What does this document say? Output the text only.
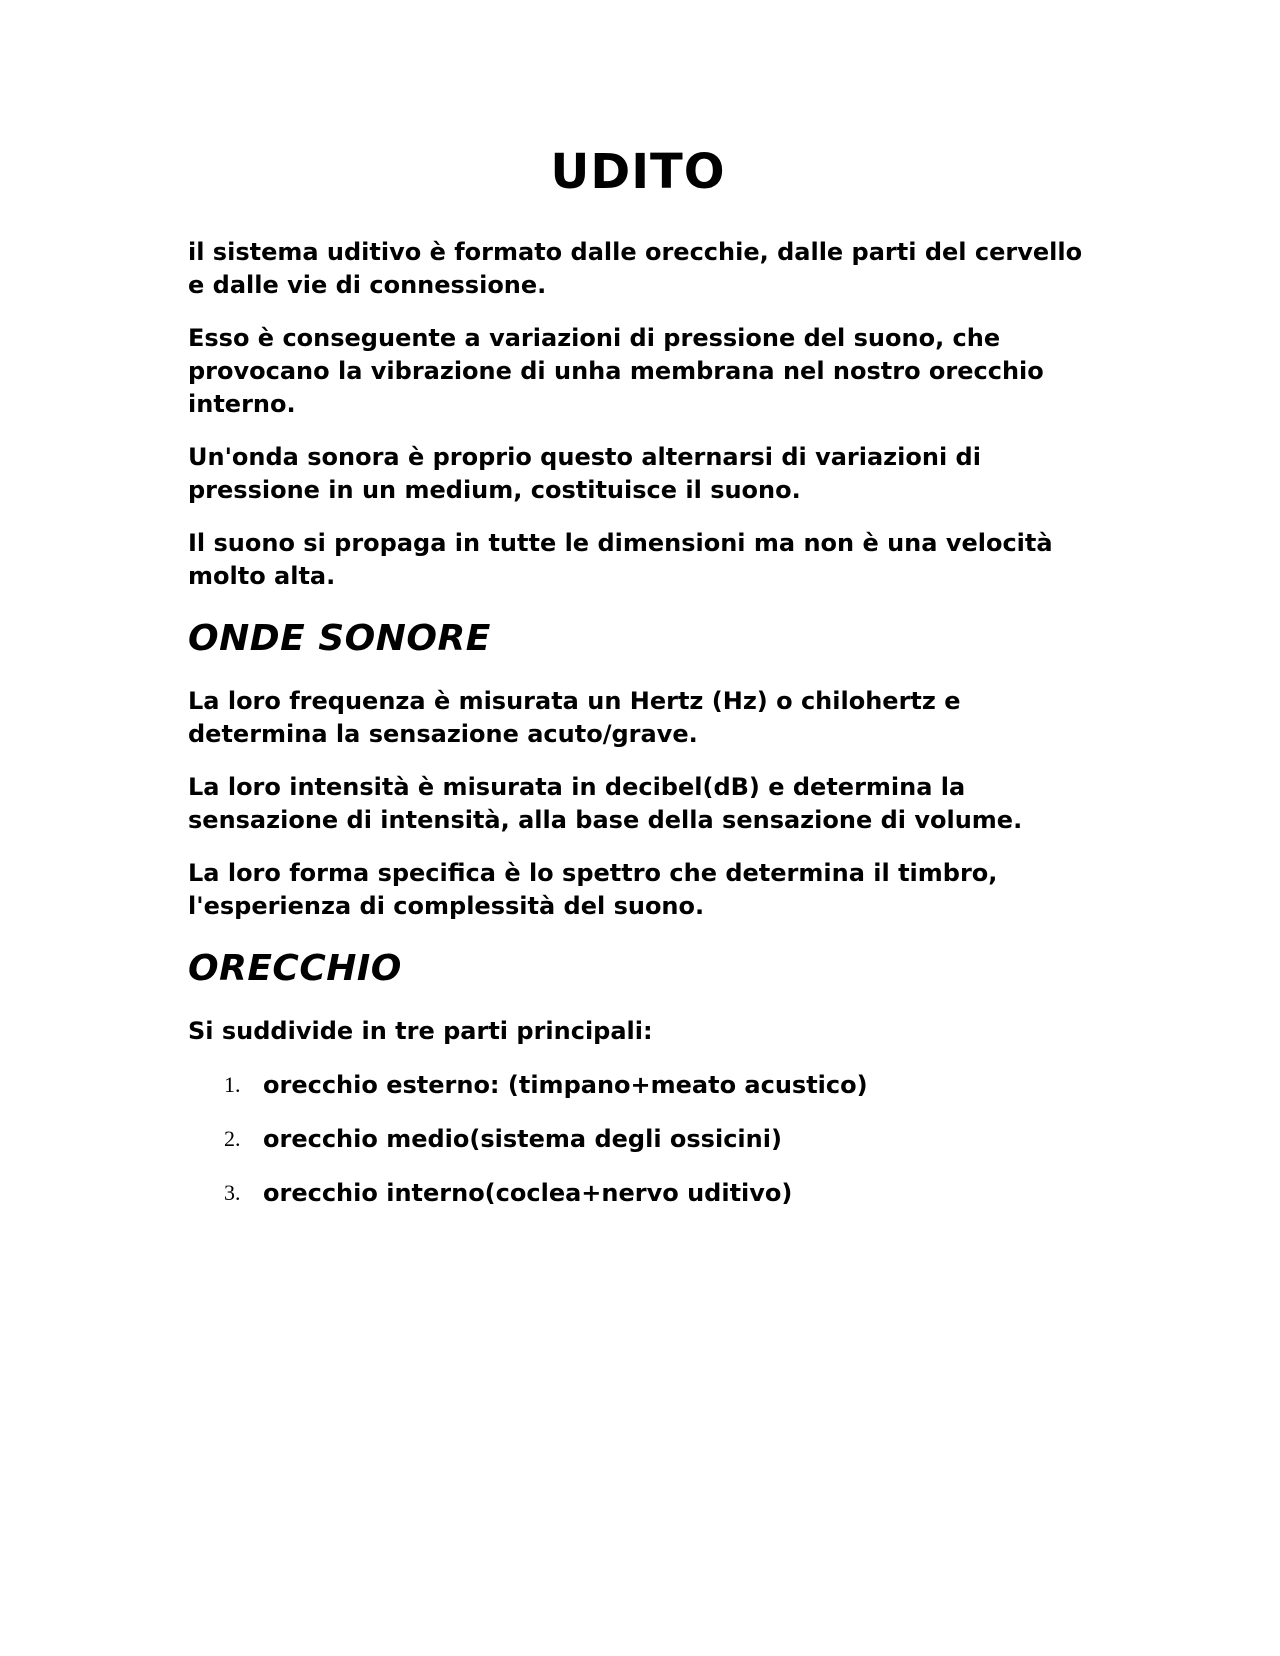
UDITO

il sistema uditivo è formato dalle orecchie, dalle parti del cervello e dalle vie di connessione.

Esso è conseguente a variazioni di pressione del suono, che provocano la vibrazione di unha membrana nel nostro orecchio interno.

Un'onda sonora è proprio questo alternarsi di variazioni di pressione in un medium, costituisce il suono.

Il suono si propaga in tutte le dimensioni ma non è una velocità molto alta.

ONDE SONORE

La loro frequenza è misurata un Hertz (Hz) o chilohertz e determina la sensazione acuto/grave.

La loro intensità è misurata in decibel(dB) e determina la sensazione di intensità, alla base della sensazione di volume.

La loro forma specifica è lo spettro che determina il timbro, l'esperienza di complessità del suono.

ORECCHIO

Si suddivide in tre parti principali:

1. orecchio esterno: (timpano+meato acustico)
2. orecchio medio(sistema degli ossicini)
3. orecchio interno(coclea+nervo uditivo)
